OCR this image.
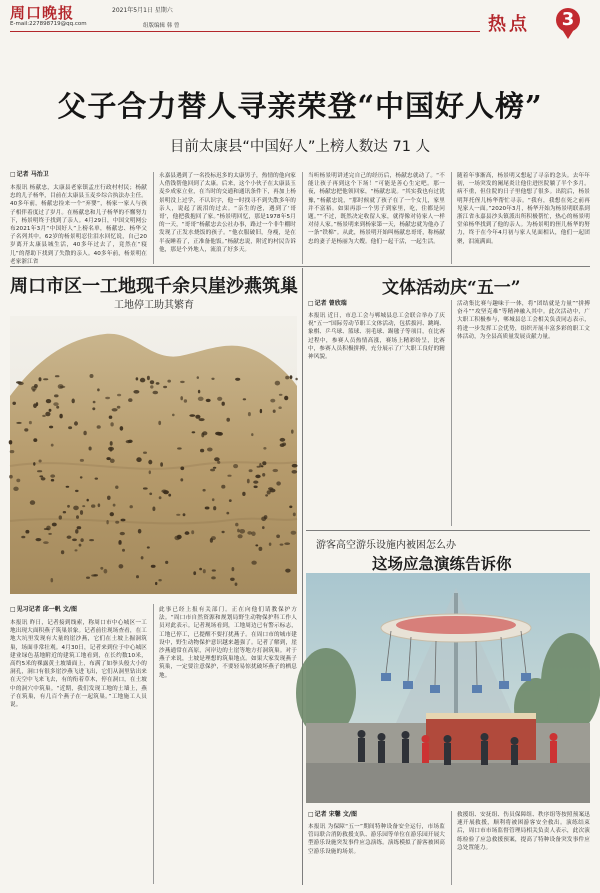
周口晚报	2021年5月1日 星期六
E-mail:227898719@qq.com	组版编辑 韩 曾	热点	3
父子合力替人寻亲荣登“中国好人榜”
目前太康县“中国好人”上榜人数达 71 人
□ 记者 马治卫
本报讯 杨献忠，太康县老家镇孟庄行政村村民；杨献忠的儿子杨华，目前在太康县玉麦乡综合执法办主任。40多年前，杨献忠捡来一个“弃婴”，杨家一家人与孩子相伴着度过了岁月。在杨献忠和儿子杨华的不懈努力下，杨景明终于找到了亲人。4月29日，中国文明网公布2021年3月“中国好人”上榜名单，杨献忠、杨华父子名列其中。62岁的杨景明忍住泪水回忆说，自己20岁离开太康县城生活，40多年过去了，竟然在“寝儿”的帮助下找到了失散的亲人。40多年前，杨景明在老家浙江省
永嘉县遇到了一名投标迟多的太康男子，热情的他向家人借钱帮他回到了太康。后来，这个小伙子在太康县玉麦乡成家立业，在当时的交通和通讯条件下，再加上杨景明没上过学，不认识字，他一时找寻不到失散多年的亲人，说起了流泪的过去。“亲生的爸，遇到了‘哥哥’，他把我抱回了家。”杨景明回忆，那是1978年5月的一天，“哥哥”杨献忠去公社办事，路过一个非牛棚时发现了正发水烧饭的孩子。“他衣服破旧，身瘦，是在半夜睡着了，正准备他饭。”杨献忠说，附近的村民告诉他，那是个外地人，流浪了好多天。
当听杨景明讲述完自己的经历后，杨献忠就动了。“不能让孩子再到这个下场！”可能是善心生定吧。那一夜，杨献忠把他领回家，“杨献忠说。“其实我也有过犹豫，”杨献忠说，“那时候就了孩子在了一个女儿，家里并不富裕。如果再添一个男子到家里，吃，住都是问题。”“不过，既然决定收留人家，就得像对待家人一样对待人家。”杨景明来到杨家第一天，杨献忠就为他办了一条“铁棉”。从此，杨景明开始叫杨献忠哥哥，称杨献忠的妻子是杨丽为大嫂。他们一起干活，一起生活。
随着年事渐高，杨景明又想起了寻亲的念头。去年年初，一场突发的阑尾炎让他住进医院躺了半个多月。病不重，但住院的日子里他想了很多。出院后，杨景明拜托侄儿杨华帮忙寻亲。“我有，我想在死之前再见家人一面。”2020年3月，杨华开始为杨景明联系到浙江省永嘉县沙头镇派出所积极帮忙，热心的杨景明堂弟杨华找到了他的亲人。为杨景明的侄儿杨华的努力，终于在今年4月初与家人见面相认，他们一起团聚，泪流满面。
周口市区一工地现千余只崖沙燕筑巢
工地停工助其繁育
□ 见习记者 邱一帆 文/图
本报讯 昨日，记者接到线索，称周口市中心城区一工地出现大面积燕子筑巢景象。记者前往现场查看，在工地大坑里发现有大量的崖沙燕，它们在土坡上掘洞筑巢，场面非常壮观。4月30日，记者来到位于中心城区建业绿色基地附近的建筑工地看到，在长约数10米，高约5米的裸露黄土坡墙面上，布满了如拳头般大小的洞孔，洞口有很多崖沙燕飞进飞出，它们从洞里钻出来在天空中飞来飞去，有的衔着草木，停在洞口，在土坡中的洞穴中筑巢。“近期，我们发现工地的土墙上，燕子在筑巢，有几百个燕子在一起筑巢。”工地施工人员说。
此事已经上报有关部门。正在向他们请教保护方法。“周口市自然资源和规划局野生动物保护科工作人员对此表示。记者现场看到，工地周边已有警示标志，工地已停工，已提醒不要打扰燕子。在周口市的城市建设中，野生动物保护意识越来越强了。记者了解到，崖沙燕通常在高原，河岸边的土崖等地方打洞筑巢。对于燕子来说，土坡是理想的筑巢地点。如果大家发现燕子筑巢，一定要注意保护，不要轻易惊扰破坏燕子的栖息地。
文体活动庆“五一”
□ 记者 曾欣瑞
本报讯 近日，市总工会与郸城县总工会联合举办了庆祝“五一”国际劳动节职工文体活动，包括拔河、跳绳、象棋、乒乓球、篮球、羽毛球、踢毽子等项目，在比赛过程中，参赛人员热情高涨，赛场上精彩纷呈，比赛中，参赛人员积极拼搏，充分展示了广大职工良好的精神风貌。
活动集比赛与趣味于一体，将“团结就是力量”“拼搏奋斗”“攻坚克难”等精神融入其中。此次活动中，广大职工积极参与，郸城县总工会相关负责同志表示，将进一步发挥工会优势，组织开展丰富多彩的职工文体活动，为全县高质量发展贡献力量。
游客高空游乐设施内被困怎么办
这场应急演练告诉你
□ 记者 宋馨 文/图
本报讯 为保障“五一”期间特种设备安全运行，市场监管局联合消防救援支队、游乐园等单位在游乐园开展大型游乐设施突发事件应急演练。演练模拟了游客被困高空游乐设施的场景。
救援组、安抚组、伤员保障组、秩序组等按照预案迅速开展救援，顺利将被困游客安全救出。演练结束后，周口市市场监督管理局相关负责人表示，此次演练检验了应急救援预案，提高了特种设备突发事件应急处置能力。
